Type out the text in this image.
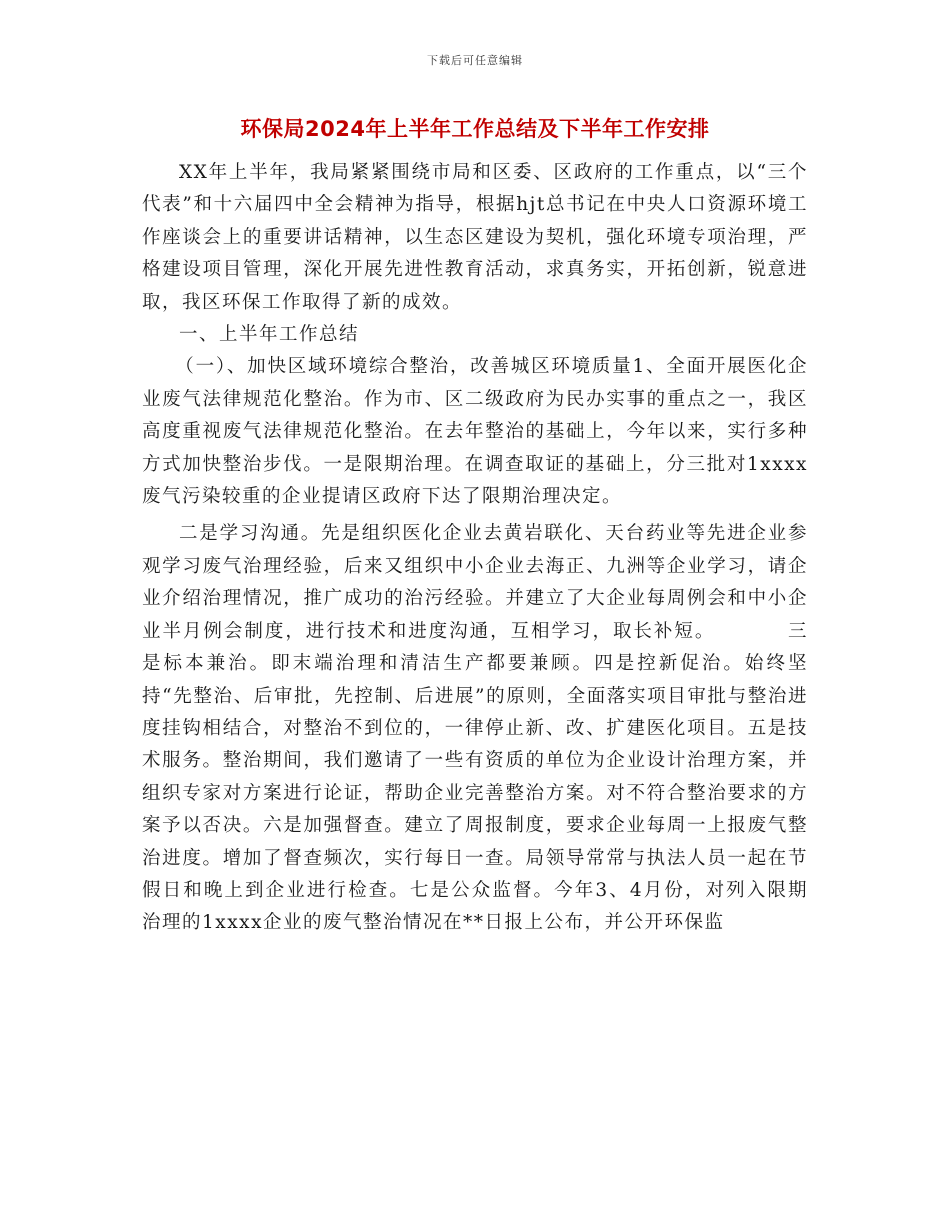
下载后可任意编辑
环保局2024年上半年工作总结及下半年工作安排

XX年上半年，我局紧紧围绕市局和区委、区政府的工作重点，以“三个代表”和十六届四中全会精神为指导，根据hjt总书记在中央人口资源环境工作座谈会上的重要讲话精神，以生态区建设为契机，强化环境专项治理，严格建设项目管理，深化开展先进性教育活动，求真务实，开拓创新，锐意进取，我区环保工作取得了新的成效。

一、上半年工作总结

（一）、加快区域环境综合整治，改善城区环境质量1、全面开展医化企业废气法律规范化整治。作为市、区二级政府为民办实事的重点之一，我区高度重视废气法律规范化整治。在去年整治的基础上，今年以来，实行多种方式加快整治步伐。一是限期治理。在调查取证的基础上，分三批对1xxxx废气污染较重的企业提请区政府下达了限期治理决定。

二是学习沟通。先是组织医化企业去黄岩联化、天台药业等先进企业参观学习废气治理经验，后来又组织中小企业去海正、九洲等企业学习，请企业介绍治理情况，推广成功的治污经验。并建立了大企业每周例会和中小企业半月例会制度，进行技术和进度沟通，互相学习，取长补短。　　　　三是标本兼治。即末端治理和清洁生产都要兼顾。四是控新促治。始终坚持“先整治、后审批，先控制、后进展”的原则，全面落实项目审批与整治进度挂钩相结合，对整治不到位的，一律停止新、改、扩建医化项目。五是技术服务。整治期间，我们邀请了一些有资质的单位为企业设计治理方案，并组织专家对方案进行论证，帮助企业完善整治方案。对不符合整治要求的方案予以否决。六是加强督查。建立了周报制度，要求企业每周一上报废气整治进度。增加了督查频次，实行每日一查。局领导常常与执法人员一起在节假日和晚上到企业进行检查。七是公众监督。今年3、4月份，对列入限期治理的1xxxx企业的废气整治情况在**日报上公布，并公开环保监
